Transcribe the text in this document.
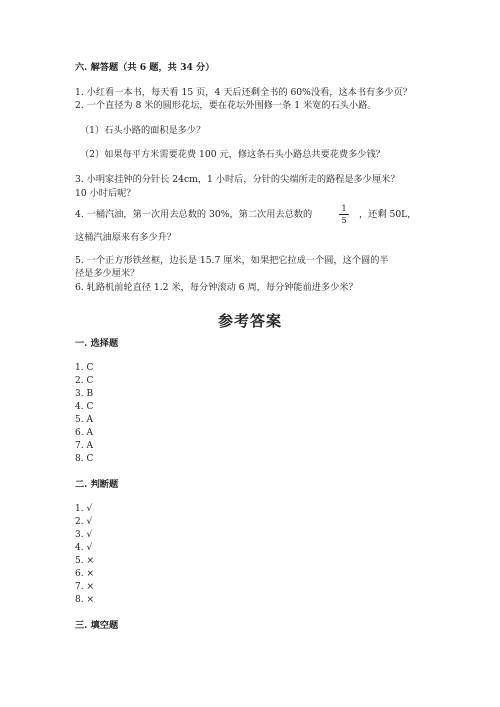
六. 解答题（共 6 题，共 34 分）
1. 小红看一本书，每天看 15 页，4 天后还剩全书的 60%没看，这本书有多少页？
2. 一个直径为 8 米的圆形花坛，要在花坛外围修一条 1 米宽的石头小路。
（1）石头小路的面积是多少？
（2）如果每平方米需要花费 100 元，修这条石头小路总共要花费多少钱？
3. 小明家挂钟的分针长 24cm，1 小时后，分针的尖端所走的路程是多少厘米？
10 小时后呢？
4. 一桶汽油，第一次用去总数的 30%，第二次用去总数的
1
5
，还剩 50L，
这桶汽油原来有多少升？
5. 一个正方形铁丝框，边长是 15.7 厘米，如果把它拉成一个圆，这个圆的半
径是多少厘米？
6. 轧路机前轮直径 1.2 米，每分钟滚动 6 周，每分钟能前进多少米？
参考答案
一. 选择题
1. C
2. C
3. B
4. C
5. A
6. A
7. A
8. C
二. 判断题
1. √
2. √
3. √
4. √
5. ×
6. ×
7. ×
8. ×
三. 填空题
